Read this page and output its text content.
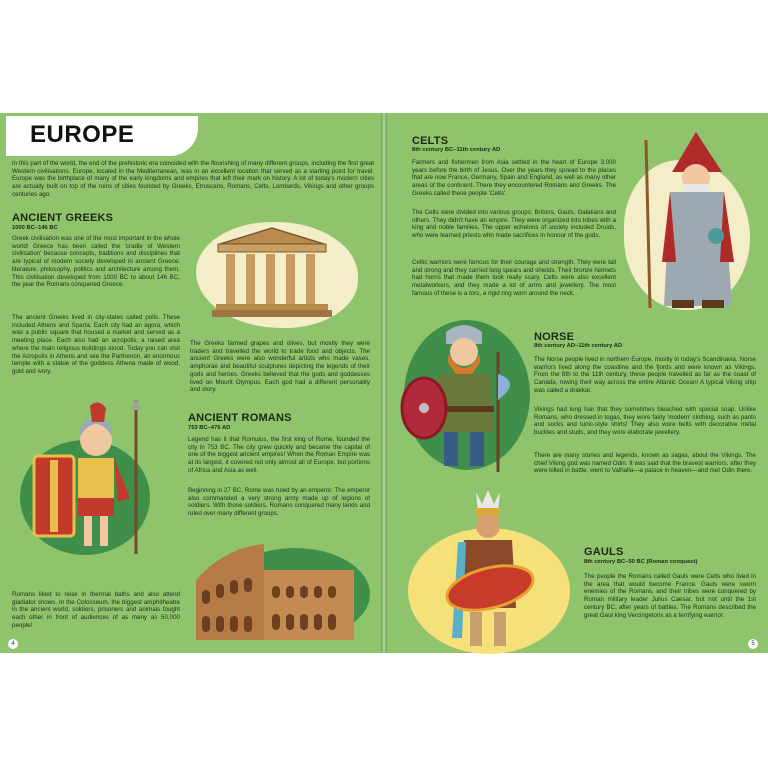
EUROPE
In this part of the world, the end of the prehistoric era coincided with the flourishing of many different groups, including the first great Western civilisations. Europe, located in the Mediterranean, was in an excellent location that served as a starting point for travel. Europe was the birthplace of many of the early kingdoms and empires that left their mark on history. A lot of today's modern cities are actually built on top of the ruins of cities founded by Greeks, Etruscans, Romans, Celts, Lombards, Vikings and other groups centuries ago.
ANCIENT GREEKS
1000 BC–146 BC
Greek civilisation was one of the most important in the whole world! Greece has been called the 'cradle of Western civilisation' because concepts, traditions and disciplines that are typical of modern society developed in ancient Greece: literature, philosophy, politics and architecture among them. This civilisation developed from 1000 BC to about 146 BC, the year the Romans conquered Greece.
The ancient Greeks lived in city-states called polis. These included Athens and Sparta. Each city had an agora, which was a public square that housed a market and served as a meeting place. Each also had an acropolis, a raised area where the main religious buildings stood. Today you can visit the Acropolis in Athens and see the Parthenon, an enormous temple with a statue of the goddess Athena made of wood, gold and ivory.
The Greeks farmed grapes and olives, but mostly they were traders and travelled the world to trade food and objects. The ancient Greeks were also wonderful artists who made vases, amphorae and beautiful sculptures depicting the legends of their gods and heroes. Greeks believed that the gods and goddesses lived on Mount Olympus. Each god had a different personality and story.
ANCIENT ROMANS
753 BC–476 AD
Legend has it that Romulus, the first king of Rome, founded the city in 753 BC. The city grew quickly and became the capital of one of the biggest ancient empires! When the Roman Empire was at its largest, it covered not only almost all of Europe, but portions of Africa and Asia as well.
Beginning in 27 BC, Rome was ruled by an emperor. The emperor also commanded a very strong army made up of legions of soldiers. With those soldiers, Romans conquered many lands and ruled over many different groups.
Romans liked to relax in thermal baths and also attend gladiator shows. In the Colosseum, the biggest amphitheatre in the ancient world, soldiers, prisoners and animals fought each other in front of audiences of as many as 50,000 people!
4
CELTS
8th century BC–11th century AD
Farmers and fishermen from Asia settled in the heart of Europe 3,000 years before the birth of Jesus. Over the years they spread to the places that are now France, Germany, Spain and England, as well as many other areas of the continent. There they encountered Romans and Greeks. The Greeks called these people 'Celts'.
The Celts were divided into various groups: Britons, Gauls, Galatians and others. They didn't have an empire. They were organized into tribes with a king and noble families. The upper echelons of society included Druids, who were learned priests who made sacrifices in honour of the gods.
Celtic warriors were famous for their courage and strength. They were tall and strong and they carried long spears and shields. Their bronze helmets had horns that made them look really scary. Celts were also excellent metalworkers, and they made a lot of arms and jewellery. The most famous of these is a torc, a rigid ring worn around the neck.
NORSE
8th century AD–11th century AD
The Norse people lived in northern Europe, mostly in today's Scandinavia. Norse warriors lived along the coastline and the fjords and were known as Vikings. From the 8th to the 11th century, these people travelled as far as the coast of Canada, rowing their way across the entire Atlantic Ocean! A typical Viking ship was called a drakkar.
Vikings had long hair that they sometimes bleached with special soap. Unlike Romans, who dressed in togas, they wore fairly 'modern' clothing, such as pants and socks and tunic-style shirts! They also wore belts with decorative metal buckles and studs, and they wore elaborate jewellery.
There are many stories and legends, known as sagas, about the Vikings. The chief Viking god was named Odin. It was said that the bravest warriors, after they were killed in battle, went to Valhalla—a palace in heaven—and met Odin there.
GAULS
8th century BC–50 BC (Roman conquest)
The people the Romans called Gauls were Celts who lived in the area that would become France. Gauls were sworn enemies of the Romans, and their tribes were conquered by Roman military leader Julius Caesar, but not until the 1st century BC, after years of battles. The Romans described the great Gaul king Vercingetorix as a terrifying warrior.
5
